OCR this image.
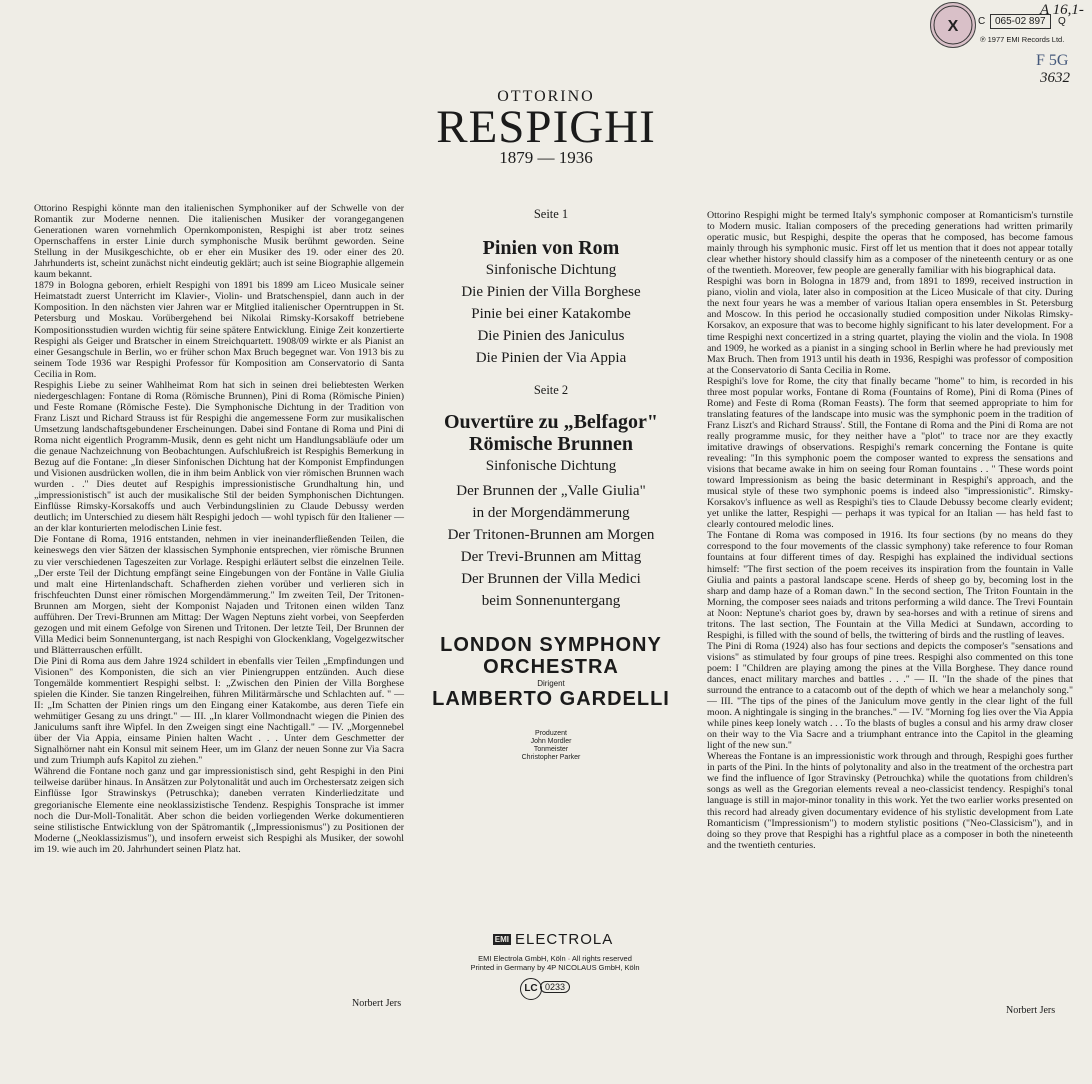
X C 065-02 897	Q
℗ 1977 EMI Records Ltd.
A 16,1-
F 5G
3632
OTTORINO
RESPIGHI
1879 — 1936

Ottorino Respighi könnte man den italienischen Symphoniker auf der Schwelle von der Romantik zur Moderne nennen. Die italienischen Musiker der vorangegangenen Generationen waren vornehmlich Opernkomponisten, Respighi ist aber trotz seines Opernschaffens in erster Linie durch symphonische Musik berühmt geworden. Seine Stellung in der Musikgeschichte, ob er eher ein Musiker des 19. oder einer des 20. Jahrhunderts ist, scheint zunächst nicht eindeutig geklärt; auch ist seine Biographie allgemein kaum bekannt.

1879 in Bologna geboren, erhielt Respighi von 1891 bis 1899 am Liceo Musicale seiner Heimatstadt zuerst Unterricht im Klavier-, Violin- und Bratschenspiel, dann auch in der Komposition. In den nächsten vier Jahren war er Mitglied italienischer Operntruppen in St. Petersburg und Moskau. Vorübergehend bei Nikolai Rimsky-Korsakoff betriebene Kompositionsstudien wurden wichtig für seine spätere Entwicklung. Einige Zeit konzertierte Respighi als Geiger und Bratscher in einem Streichquartett. 1908/09 wirkte er als Pianist an einer Gesangschule in Berlin, wo er früher schon Max Bruch begegnet war. Von 1913 bis zu seinem Tode 1936 war Respighi Professor für Komposition am Conservatorio di Santa Cecilia in Rom.

Respighis Liebe zu seiner Wahlheimat Rom hat sich in seinen drei beliebtesten Werken niedergeschlagen: Fontane di Roma (Römische Brunnen), Pini di Roma (Römische Pinien) und Feste Romane (Römische Feste). Die Symphonische Dichtung in der Tradition von Franz Liszt und Richard Strauss ist für Respighi die angemessene Form zur musikalischen Umsetzung landschaftsgebundener Erscheinungen. Dabei sind Fontane di Roma und Pini di Roma nicht eigentlich Programm-Musik, denn es geht nicht um Handlungsabläufe oder um die genaue Nachzeichnung von Beobachtungen. Aufschlußreich ist Respighis Bemerkung in Bezug auf die Fontane: „In dieser Sinfonischen Dichtung hat der Komponist Empfindungen und Visionen ausdrücken wollen, die in ihm beim Anblick von vier römischen Brunnen wach wurden . ." Dies deutet auf Respighis impressionistische Grundhaltung hin, und „impressionistisch" ist auch der musikalische Stil der beiden Symphonischen Dichtungen. Einflüsse Rimsky-Korsakoffs und auch Verbindungslinien zu Claude Debussy werden deutlich; im Unterschied zu diesem hält Respighi jedoch — wohl typisch für den Italiener — an der klar konturierten melodischen Linie fest.

Die Fontane di Roma, 1916 entstanden, nehmen in vier ineinanderfließenden Teilen, die keineswegs den vier Sätzen der klassischen Symphonie entsprechen, vier römische Brunnen zu vier verschiedenen Tageszeiten zur Vorlage. Respighi erläutert selbst die einzelnen Teile. „Der erste Teil der Dichtung empfängt seine Eingebungen von der Fontäne in Valle Giulia und malt eine Hirtenlandschaft. Schafherden ziehen vorüber und verlieren sich in frischfeuchten Dunst einer römischen Morgendämmerung." Im zweiten Teil, Der Tritonen-Brunnen am Morgen, sieht der Komponist Najaden und Tritonen einen wilden Tanz aufführen. Der Trevi-Brunnen am Mittag: Der Wagen Neptuns zieht vorbei, von Seepferden gezogen und mit einem Gefolge von Sirenen und Tritonen. Der letzte Teil, Der Brunnen der Villa Medici beim Sonnenuntergang, ist nach Respighi von Glockenklang, Vogelgezwitscher und Blätterrauschen erfüllt.

Die Pini di Roma aus dem Jahre 1924 schildert in ebenfalls vier Teilen „Empfindungen und Visionen" des Komponisten, die sich an vier Piniengruppen entzünden. Auch diese Tongemälde kommentiert Respighi selbst. I: „Zwischen den Pinien der Villa Borghese spielen die Kinder. Sie tanzen Ringelreihen, führen Militärmärsche und Schlachten auf. " — II: „Im Schatten der Pinien rings um den Eingang einer Katakombe, aus deren Tiefe ein wehmütiger Gesang zu uns dringt." — III. „In klarer Vollmondnacht wiegen die Pinien des Janiculums sanft ihre Wipfel. In den Zweigen singt eine Nachtigall." — IV. „Morgennebel über der Via Appia, einsame Pinien halten Wacht . . . Unter dem Geschmetter der Signalhörner naht ein Konsul mit seinem Heer, um im Glanz der neuen Sonne zur Via Sacra und zum Triumph aufs Kapitol zu ziehen."

Während die Fontane noch ganz und gar impressionistisch sind, geht Respighi in den Pini teilweise darüber hinaus. In Ansätzen zur Polytonalität und auch im Orchestersatz zeigen sich Einflüsse Igor Strawinskys (Petruschka); daneben verraten Kinderliedzitate und gregorianische Elemente eine neoklassizistische Tendenz. Respighis Tonsprache ist immer noch die Dur-Moll-Tonalität. Aber schon die beiden vorliegenden Werke dokumentieren seine stilistische Entwicklung von der Spätromantik („Impressionismus") zu Positionen der Moderne („Neoklassizismus"), und insofern erweist sich Respighi als Musiker, der sowohl im 19. wie auch im 20. Jahrhundert seinen Platz hat.

Norbert Jers

Ottorino Respighi might be termed Italy's symphonic composer at Romanticism's turnstile to Modern music. Italian composers of the preceding generations had written primarily operatic music, but Respighi, despite the operas that he composed, has become famous mainly through his symphonic music. First off let us mention that it does not appear totally clear whether history should classify him as a composer of the nineteenth century or as one of the twentieth. Moreover, few people are generally familiar with his biographical data.

Respighi was born in Bologna in 1879 and, from 1891 to 1899, received instruction in piano, violin and viola, later also in composition at the Liceo Musicale of that city. During the next four years he was a member of various Italian opera ensembles in St. Petersburg and Moscow. In this period he occasionally studied composition under Nikolas Rimsky-Korsakov, an exposure that was to become highly significant to his later development. For a time Respighi next concertized in a string quartet, playing the violin and the viola. In 1908 and 1909, he worked as a pianist in a singing school in Berlin where he had previously met Max Bruch. Then from 1913 until his death in 1936, Respighi was professor of composition at the Conservatorio di Santa Cecilia in Rome.

Respighi's love for Rome, the city that finally became "home" to him, is recorded in his three most popular works, Fontane di Roma (Fountains of Rome), Pini di Roma (Pines of Rome) and Feste di Roma (Roman Feasts). The form that seemed appropriate to him for translating features of the landscape into music was the symphonic poem in the tradition of Franz Liszt's and Richard Strauss'. Still, the Fontane di Roma and the Pini di Roma are not really programme music, for they neither have a "plot" to trace nor are they exactly imitative drawings of observations. Respighi's remark concerning the Fontane is quite revealing: "In this symphonic poem the composer wanted to express the sensations and visions that became awake in him on seeing four Roman fountains . . " These words point toward Impressionism as being the basic determinant in Respighi's approach, and the musical style of these two symphonic poems is indeed also "impressionistic". Rimsky-Korsakov's influence as well as Respighi's ties to Claude Debussy become clearly evident; yet unlike the latter, Respighi — perhaps it was typical for an Italian — has held fast to clearly contoured melodic lines.

The Fontane di Roma was composed in 1916. Its four sections (by no means do they correspond to the four movements of the classic symphony) take reference to four Roman fountains at four different times of day. Respighi has explained the individual sections himself: "The first section of the poem receives its inspiration from the fountain in Valle Giulia and paints a pastoral landscape scene. Herds of sheep go by, becoming lost in the sharp and damp haze of a Roman dawn." In the second section, The Triton Fountain in the Morning, the composer sees naiads and tritons performing a wild dance. The Trevi Fountain at Noon: Neptune's chariot goes by, drawn by sea-horses and with a retinue of sirens and tritons. The last section, The Fountain at the Villa Medici at Sundawn, according to Respighi, is filled with the sound of bells, the twittering of birds and the rustling of leaves.

The Pini di Roma (1924) also has four sections and depicts the composer's "sensations and visions" as stimulated by four groups of pine trees. Respighi also commented on this tone poem: I "Children are playing among the pines at the Villa Borghese. They dance round dances, enact military marches and battles . . ." — II. "In the shade of the pines that surround the entrance to a catacomb out of the depth of which we hear a melancholy song." — III. "The tips of the pines of the Janiculum move gently in the clear light of the full moon. A nightingale is singing in the branches." — IV. "Morning fog lies over the Via Appia while pines keep lonely watch . . . To the blasts of bugles a consul and his army draw closer on their way to the Via Sacre and a triumphant entrance into the Capitol in the gleaming light of the new sun."

Whereas the Fontane is an impressionistic work through and through, Respighi goes further in parts of the Pini. In the hints of polytonality and also in the treatment of the orchestra part we find the influence of Igor Stravinsky (Petrouchka) while the quotations from children's songs as well as the Gregorian elements reveal a neo-classicist tendency. Respighi's tonal language is still in major-minor tonality in this work. Yet the two earlier works presented on this record had already given documentary evidence of his stylistic development from Late Romanticism ("Impressionism") to modern stylistic positions ("Neo-Classicism"), and in doing so they prove that Respighi has a rightful place as a composer in both the nineteenth and the twentieth centuries.

Norbert Jers

Seite 1

Pinien von Rom

Sinfonische Dichtung

Die Pinien der Villa Borghese

Pinie bei einer Katakombe

Die Pinien des Janiculus

Die Pinien der Via Appia

Seite 2

Ouvertüre zu „Belfagor"

Römische Brunnen

Sinfonische Dichtung

Der Brunnen der „Valle Giulia"

in der Morgendämmerung

Der Tritonen-Brunnen am Morgen

Der Trevi-Brunnen am Mittag

Der Brunnen der Villa Medici

beim Sonnenuntergang

LONDON SYMPHONY
ORCHESTRA
Dirigent
LAMBERTO GARDELLI
Produzent
John Mordler
Tonmeister
Christopher Parker
EMI ELECTROLA
EMI Electrola GmbH, Köln · All rights reserved
Printed in Germany by 4P NICOLAUS GmbH, Köln
LC 0233
